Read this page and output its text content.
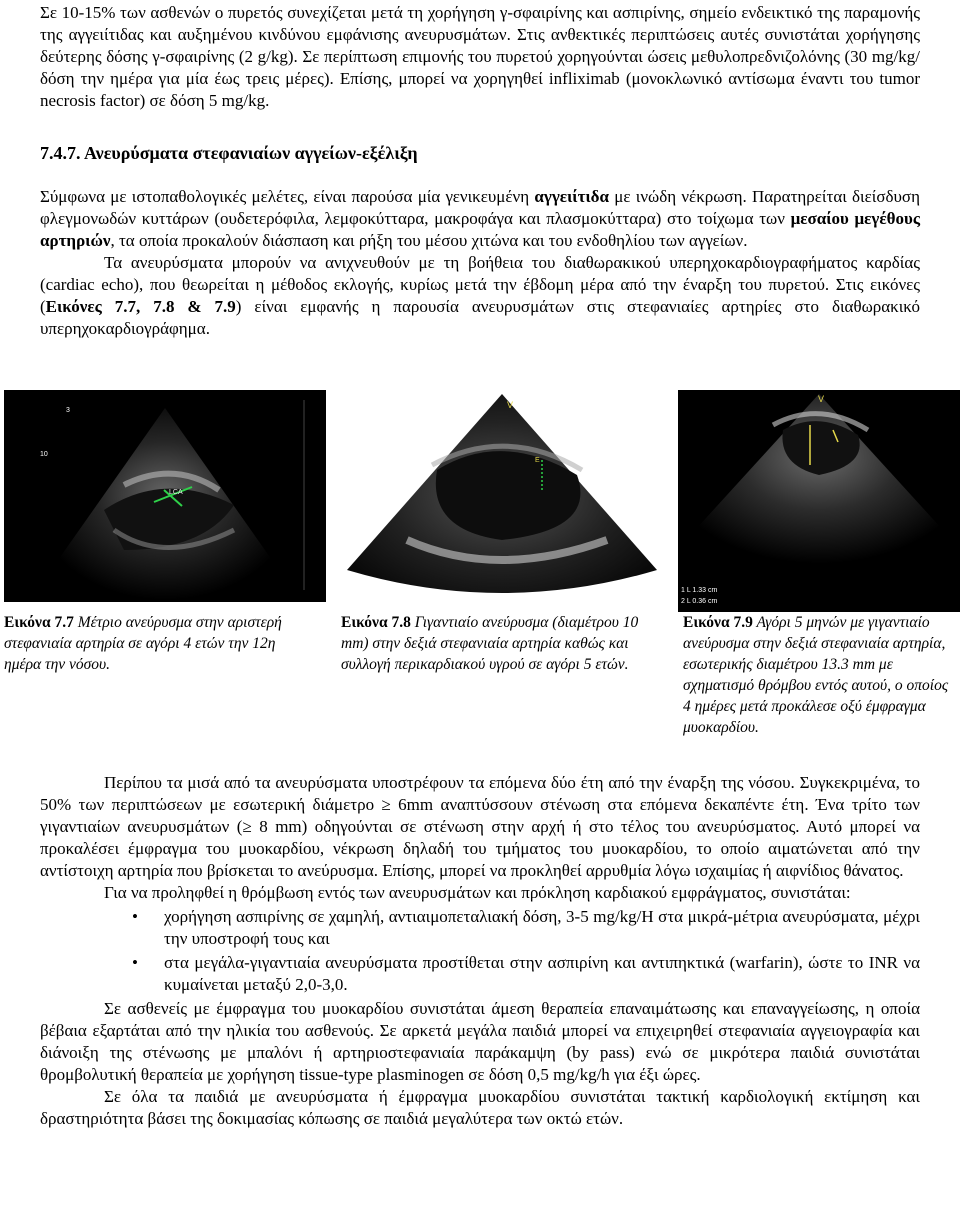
Σε 10-15% των ασθενών ο πυρετός συνεχίζεται μετά τη χορήγηση γ-σφαιρίνης και ασπιρίνης, σημείο ενδεικτικό της παραμονής της αγγειίτιδας και αυξημένου κινδύνου εμφάνισης ανευρυσμάτων. Στις ανθεκτικές περιπτώσεις αυτές συνιστάται χορήγησης δεύτερης δόσης γ-σφαιρίνης (2 g/kg). Σε περίπτωση επιμονής του πυρετού χορηγούνται ώσεις μεθυλοπρεδνιζολόνης (30 mg/kg/δόση την ημέρα για μία έως τρεις μέρες). Επίσης, μπορεί να χορηγηθεί infliximab (μονοκλωνικό αντίσωμα έναντι του tumor necrosis factor) σε δόση 5 mg/kg.

7.4.7. Ανευρύσματα στεφανιαίων αγγείων-εξέλιξη

Σύμφωνα με ιστοπαθολογικές μελέτες, είναι παρούσα μία γενικευμένη αγγειίτιδα με ινώδη νέκρωση. Παρατηρείται διείσδυση φλεγμονωδών κυττάρων (ουδετερόφιλα, λεμφοκύτταρα, μακροφάγα και πλασμοκύτταρα) στο τοίχωμα των μεσαίου μεγέθους αρτηριών, τα οποία προκαλούν διάσπαση και ρήξη του μέσου χιτώνα και του ενδοθηλίου των αγγείων.

Τα ανευρύσματα μπορούν να ανιχνευθούν με τη βοήθεια του διαθωρακικού υπερηχοκαρδιογραφήματος καρδίας (cardiac echo), που θεωρείται η μέθοδος εκλογής, κυρίως μετά την έβδομη μέρα από την έναρξη του πυρετού. Στις εικόνες (Εικόνες 7.7, 7.8 & 7.9) είναι εμφανής η παρουσία ανευρυσμάτων στις στεφανιαίες αρτηρίες στο διαθωρακικό υπερηχοκαρδιογράφημα.

3
10
LCA
V
E
V
1 L 1.33 cm
2 L 0.36 cm
Εικόνα 7.7 Μέτριο ανεύρυσμα στην αριστερή στεφανιαία αρτηρία σε αγόρι 4 ετών την 12η ημέρα την νόσου.
Εικόνα 7.8 Γιγαντιαίο ανεύρυσμα (διαμέτρου 10 mm) στην δεξιά στεφανιαία αρτηρία καθώς και συλλογή περικαρδιακού υγρού σε αγόρι 5 ετών.
Εικόνα 7.9 Αγόρι 5 μηνών με γιγαντιαίο ανεύρυσμα στην δεξιά στεφανιαία αρτηρία, εσωτερικής διαμέτρου 13.3 mm με σχηματισμό θρόμβου εντός αυτού, ο οποίος 4 ημέρες μετά προκάλεσε οξύ έμφραγμα μυοκαρδίου.

Περίπου τα μισά από τα ανευρύσματα υποστρέφουν τα επόμενα δύο έτη από την έναρξη της νόσου. Συγκεκριμένα, το 50% των περιπτώσεων με εσωτερική διάμετρο ≥ 6mm αναπτύσσουν στένωση στα επόμενα δεκαπέντε έτη. Ένα τρίτο των γιγαντιαίων ανευρυσμάτων (≥ 8 mm) οδηγούνται σε στένωση στην αρχή ή στο τέλος του ανευρύσματος. Αυτό μπορεί να προκαλέσει έμφραγμα του μυοκαρδίου, νέκρωση δηλαδή του τμήματος του μυοκαρδίου, το οποίο αιματώνεται από την αντίστοιχη αρτηρία που βρίσκεται το ανεύρυσμα. Επίσης, μπορεί να προκληθεί αρρυθμία λόγω ισχαιμίας ή αιφνίδιος θάνατος.

Για να προληφθεί η θρόμβωση εντός των ανευρυσμάτων και πρόκληση καρδιακού εμφράγματος, συνιστάται:

• χορήγηση ασπιρίνης σε χαμηλή, αντιαιμοπεταλιακή δόση, 3-5 mg/kg/H στα μικρά-μέτρια ανευρύσματα, μέχρι την υποστροφή τους και
• στα μεγάλα-γιγαντιαία ανευρύσματα προστίθεται στην ασπιρίνη και αντιπηκτικά (warfarin), ώστε το INR να κυμαίνεται μεταξύ 2,0-3,0.

Σε ασθενείς με έμφραγμα του μυοκαρδίου συνιστάται άμεση θεραπεία επαναιμάτωσης και επαναγγείωσης, η οποία βέβαια εξαρτάται από την ηλικία του ασθενούς. Σε αρκετά μεγάλα παιδιά μπορεί να επιχειρηθεί στεφανιαία αγγειογραφία και διάνοιξη της στένωσης με μπαλόνι ή αρτηριοστεφανιαία παράκαμψη (by pass) ενώ σε μικρότερα παιδιά συνιστάται θρομβολυτική θεραπεία με χορήγηση tissue-type plasminogen σε δόση 0,5 mg/kg/h για έξι ώρες.

Σε όλα τα παιδιά με ανευρύσματα ή έμφραγμα μυοκαρδίου συνιστάται τακτική καρδιολογική εκτίμηση και δραστηριότητα βάσει της δοκιμασίας κόπωσης σε παιδιά μεγαλύτερα των οκτώ ετών.
